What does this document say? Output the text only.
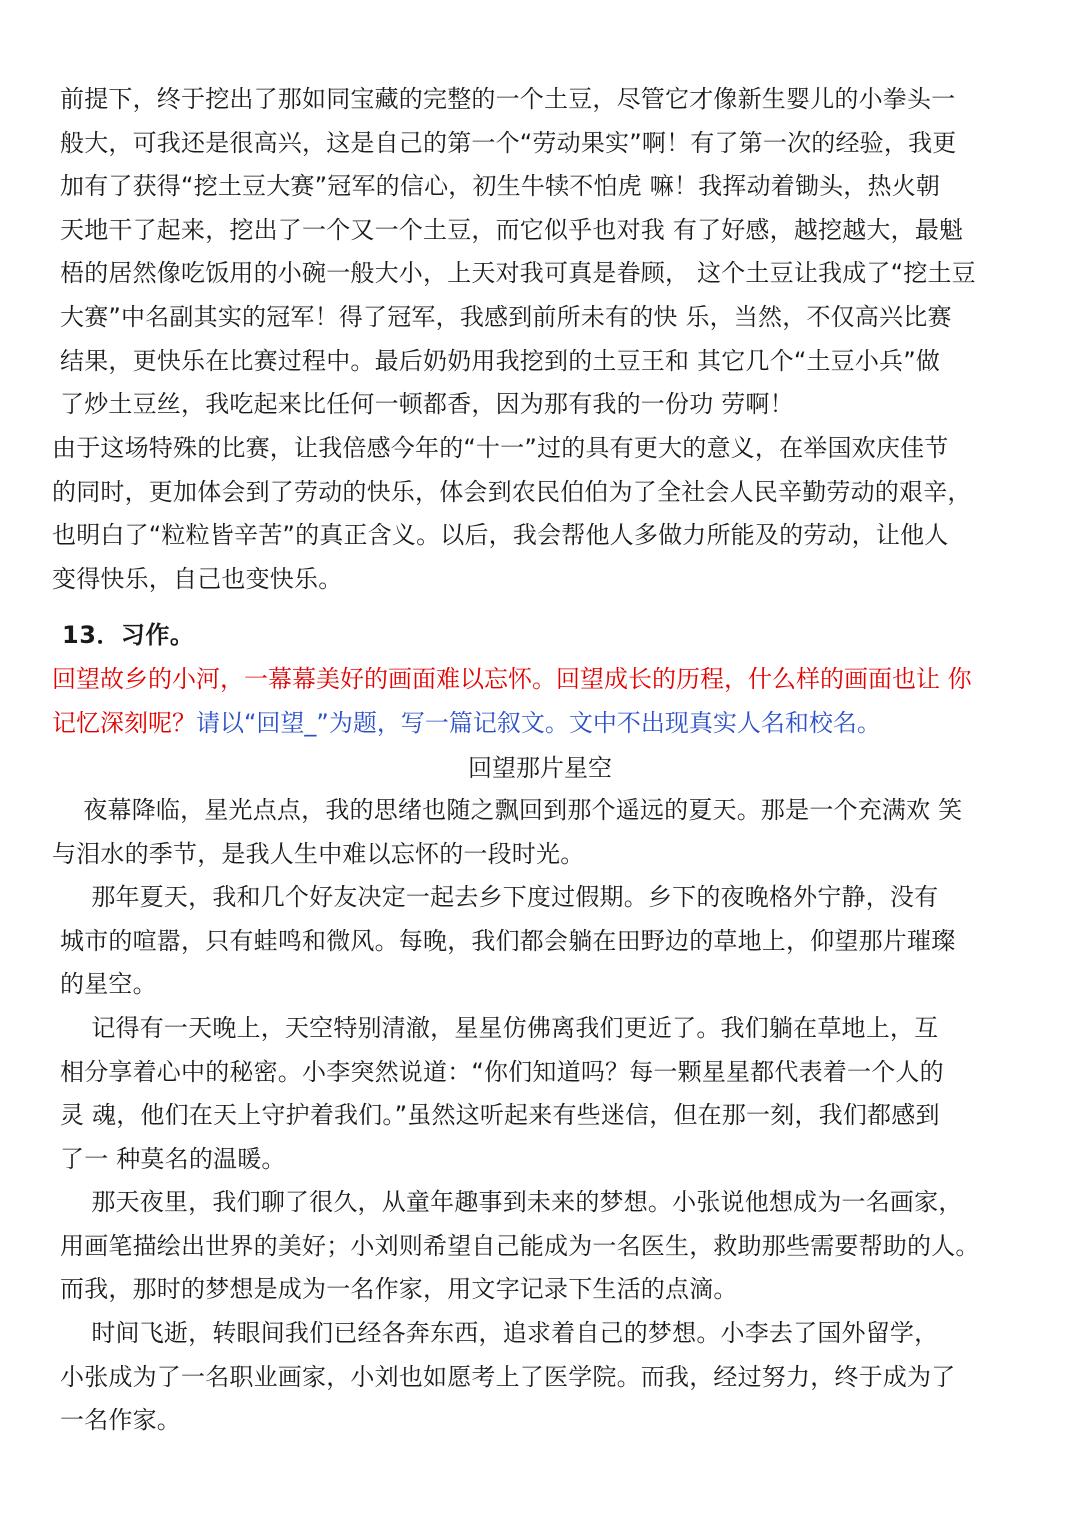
前提下，终于挖出了那如同宝藏的完整的一个土豆，尽管它才像新生婴儿的小拳头一
般大，可我还是很高兴，这是自己的第一个“劳动果实”啊！有了第一次的经验，我更
加有了获得“挖土豆大赛”冠军的信心，初生牛犊不怕虎 嘛！我挥动着锄头，热火朝
天地干了起来，挖出了一个又一个土豆，而它似乎也对我 有了好感，越挖越大，最魁
梧的居然像吃饭用的小碗一般大小，上天对我可真是眷顾， 这个土豆让我成了“挖土豆
大赛”中名副其实的冠军！得了冠军，我感到前所未有的快 乐，当然，不仅高兴比赛
结果，更快乐在比赛过程中。最后奶奶用我挖到的土豆王和 其它几个“土豆小兵”做
了炒土豆丝，我吃起来比任何一顿都香，因为那有我的一份功 劳啊！
由于这场特殊的比赛，让我倍感今年的“十一”过的具有更大的意义，在举国欢庆佳节
的同时，更加体会到了劳动的快乐，体会到农民伯伯为了全社会人民辛勤劳动的艰辛，
也明白了“粒粒皆辛苦”的真正含义。以后，我会帮他人多做力所能及的劳动，让他人
变得快乐，自己也变快乐。
13．习作。
回望故乡的小河，一幕幕美好的画面难以忘怀。回望成长的历程，什么样的画面也让 你
记忆深刻呢？请以“回望_”为题，写一篇记叙文。文中不出现真实人名和校名。
回望那片星空
夜幕降临，星光点点，我的思绪也随之飘回到那个遥远的夏天。那是一个充满欢 笑
与泪水的季节，是我人生中难以忘怀的一段时光。
那年夏天，我和几个好友决定一起去乡下度过假期。乡下的夜晚格外宁静，没有
城市的喧嚣，只有蛙鸣和微风。每晚，我们都会躺在田野边的草地上，仰望那片璀璨
的星空。
记得有一天晚上，天空特别清澈，星星仿佛离我们更近了。我们躺在草地上，互
相分享着心中的秘密。小李突然说道：“你们知道吗？每一颗星星都代表着一个人的
灵 魂，他们在天上守护着我们。”虽然这听起来有些迷信，但在那一刻，我们都感到
了一 种莫名的温暖。
那天夜里，我们聊了很久，从童年趣事到未来的梦想。小张说他想成为一名画家，
用画笔描绘出世界的美好；小刘则希望自己能成为一名医生，救助那些需要帮助的人。
而我，那时的梦想是成为一名作家，用文字记录下生活的点滴。
时间飞逝，转眼间我们已经各奔东西，追求着自己的梦想。小李去了国外留学，
小张成为了一名职业画家，小刘也如愿考上了医学院。而我，经过努力，终于成为了
一名作家。
